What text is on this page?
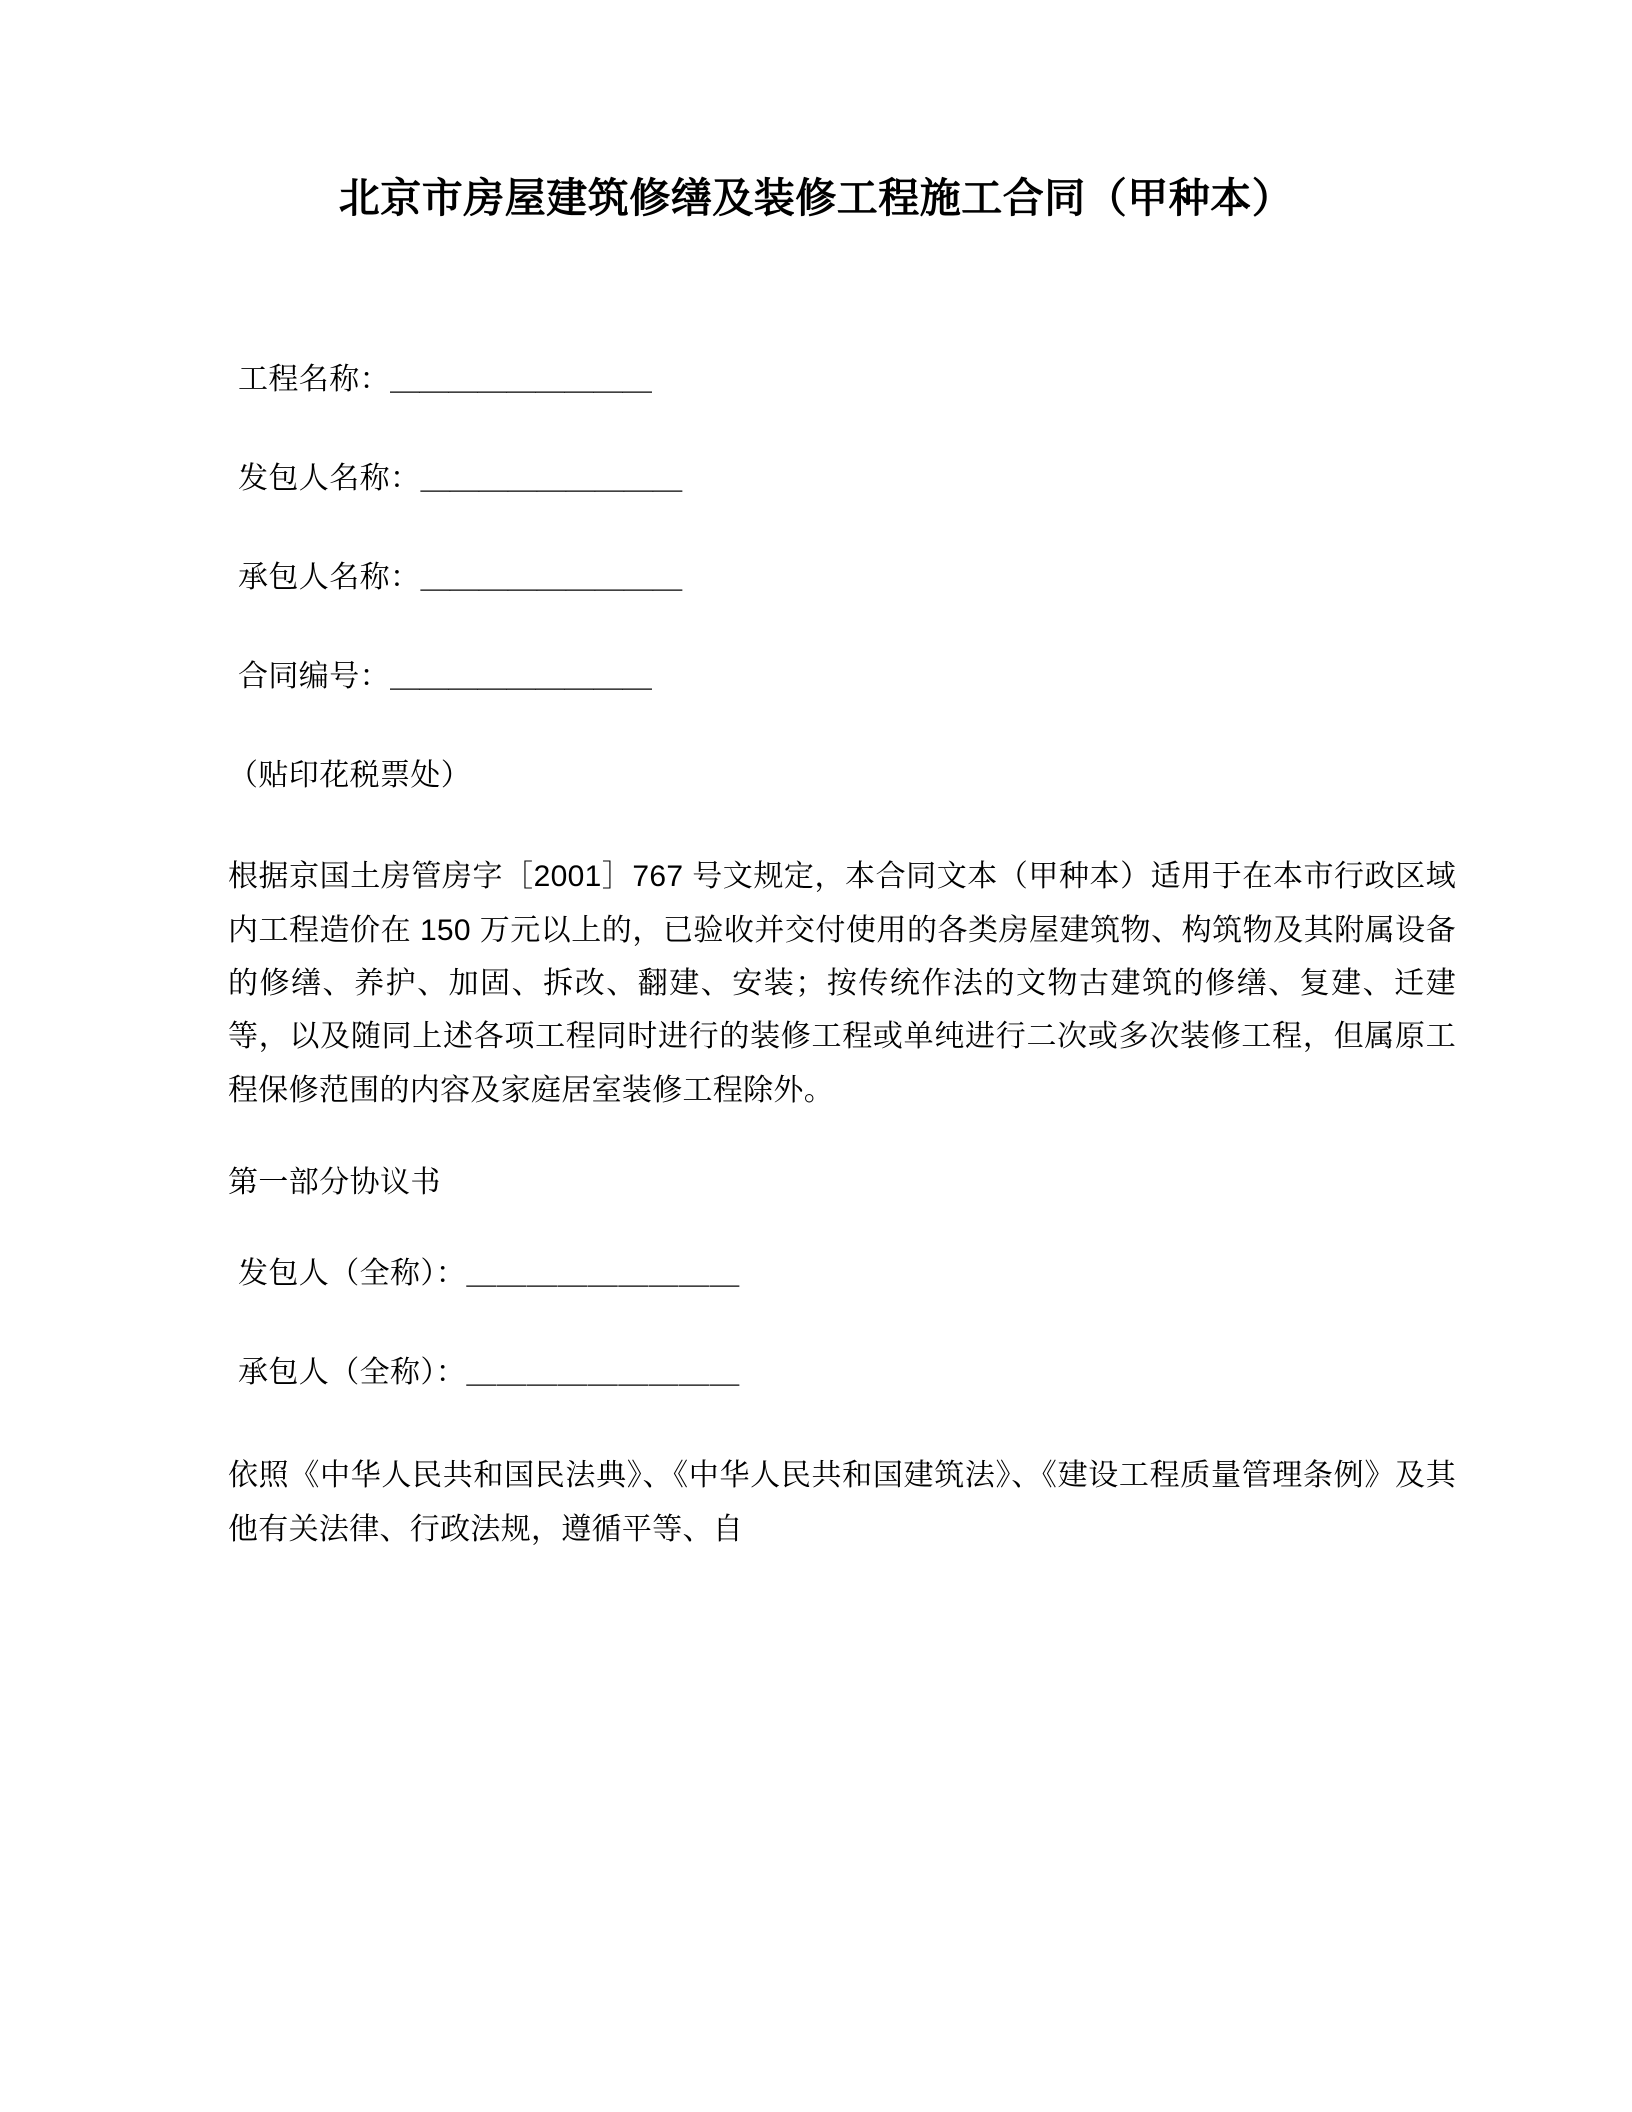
北京市房屋建筑修缮及装修工程施工合同（甲种本）

工程名称：＿＿＿＿＿＿＿＿＿

发包人名称：＿＿＿＿＿＿＿＿＿

承包人名称：＿＿＿＿＿＿＿＿＿

合同编号：＿＿＿＿＿＿＿＿＿

（贴印花税票处）

根据京国土房管房字［2001］767 号文规定，本合同文本（甲种本）适用于在本市行政区域内工程造价在 150 万元以上的，已验收并交付使用的各类房屋建筑物、构筑物及其附属设备的修缮、养护、加固、拆改、翻建、安装；按传统作法的文物古建筑的修缮、复建、迁建等，以及随同上述各项工程同时进行的装修工程或单纯进行二次或多次装修工程，但属原工程保修范围的内容及家庭居室装修工程除外。

第一部分协议书

发包人（全称）：＿＿＿＿＿＿＿＿＿

承包人（全称）：＿＿＿＿＿＿＿＿＿

依照《中华人民共和国民法典》、《中华人民共和国建筑法》、《建设工程质量管理条例》及其他有关法律、行政法规，遵循平等、自
